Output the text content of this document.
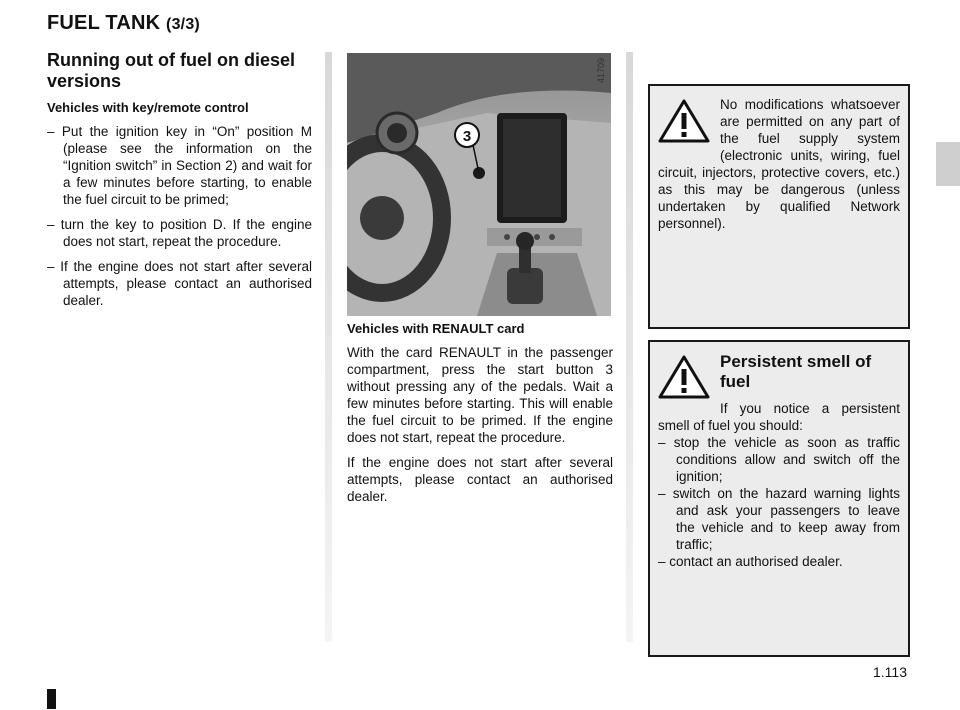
FUEL TANK (3/3)
Running out of fuel on diesel versions
Vehicles with key/remote control
– Put the ignition key in “On” position M (please see the information on the “Ignition switch” in Section 2) and wait for a few minutes before starting, to enable the fuel circuit to be primed;
– turn the key to position D. If the engine does not start, repeat the procedure.
– If the engine does not start after several attempts, please contact an authorised dealer.
3
41709
Vehicles with RENAULT card
With the card RENAULT in the passenger compartment, press the start button 3 without pressing any of the pedals. Wait a few minutes before starting. This will enable the fuel circuit to be primed. If the engine does not start, repeat the procedure.
If the engine does not start after several attempts, please contact an authorised dealer.
No modifications whatsoever are permitted on any part of the fuel supply system (electronic units, wiring, fuel circuit, injectors, protective covers, etc.) as this may be dangerous (unless undertaken by qualified Network personnel).
Persistent smell of fuel
If you notice a persistent smell of fuel you should:
– stop the vehicle as soon as traffic conditions allow and switch off the ignition;
– switch on the hazard warning lights and ask your passengers to leave the vehicle and to keep away from traffic;
– contact an authorised dealer.
1.113
